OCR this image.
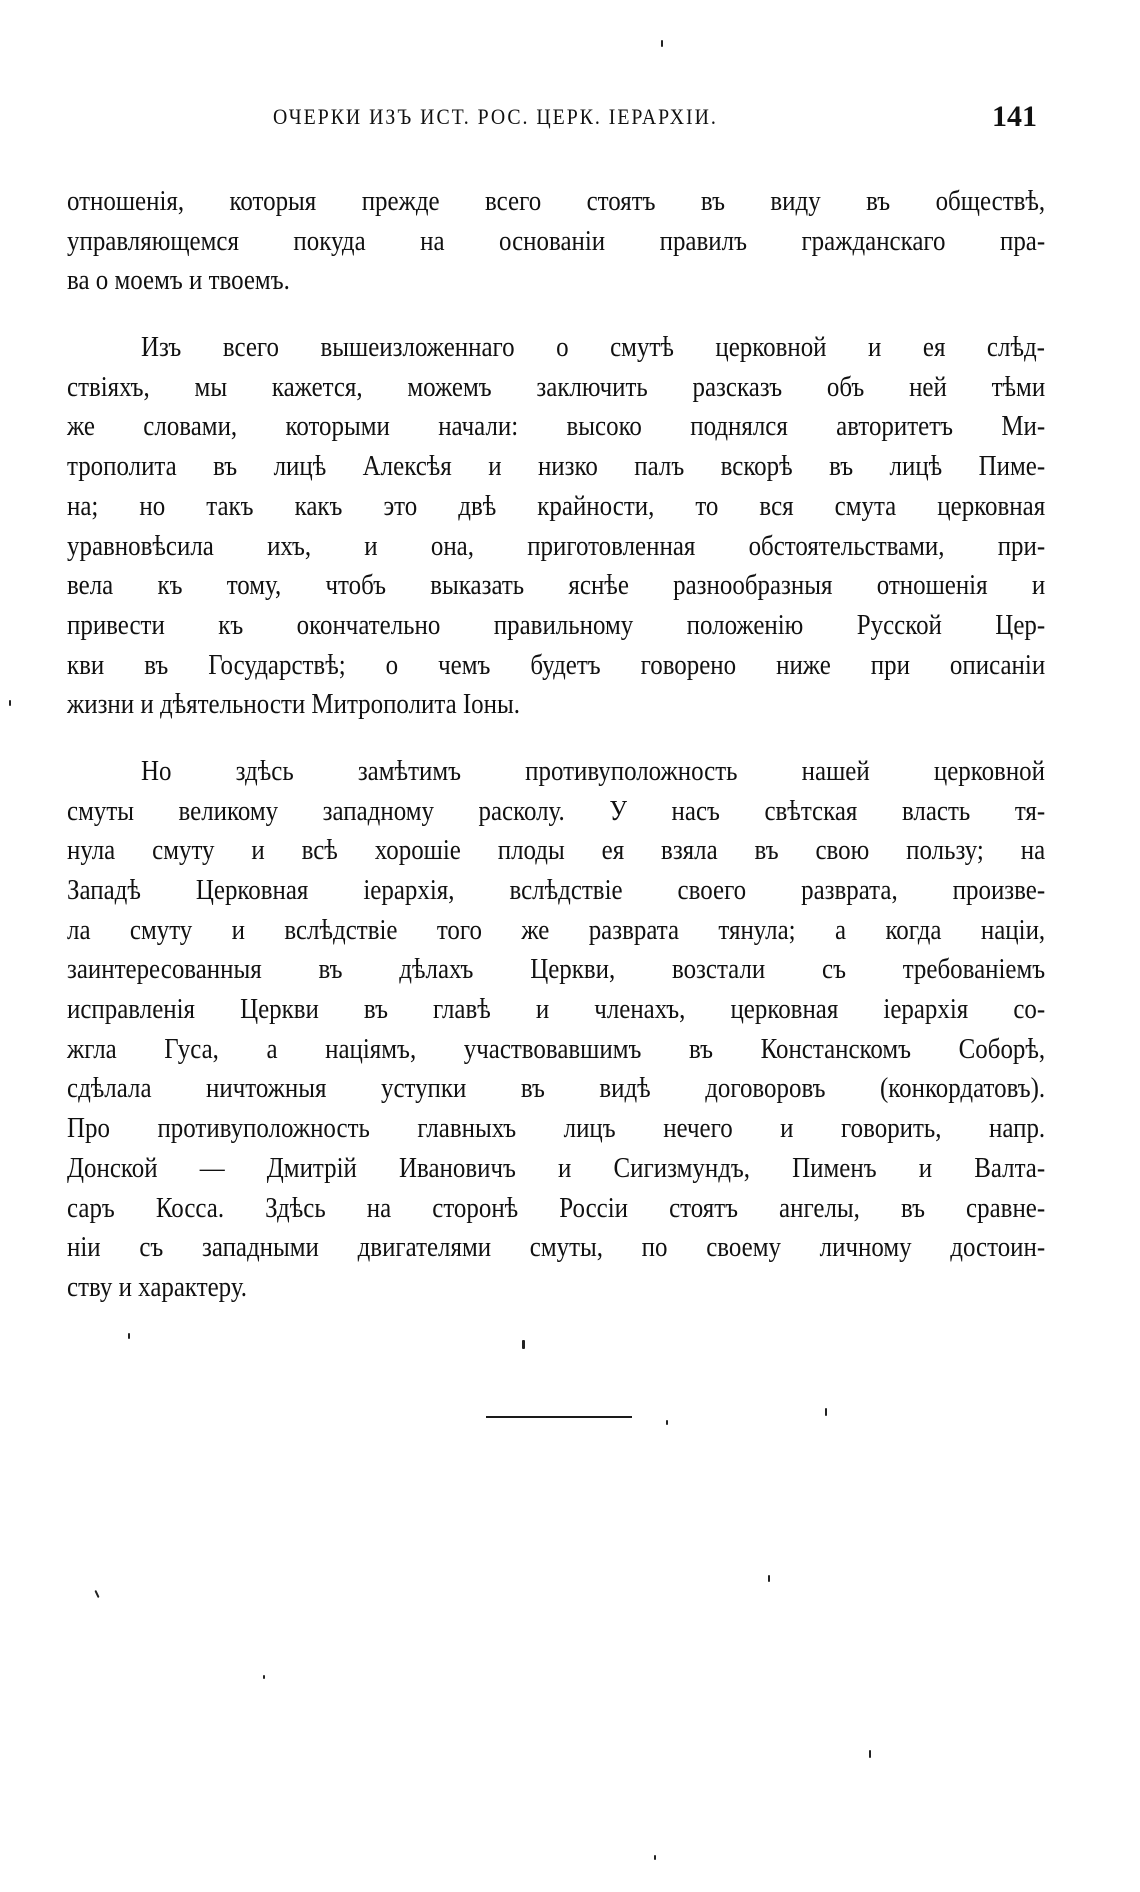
ОЧЕРКИ ИЗЪ ИСТ. РОС. ЦЕРК. ІЕРАРХІИ.	141
отношенія, которыя прежде всего стоятъ въ виду въ обществѣ,
управляющемся покуда на основаніи правилъ гражданскаго пра-
ва о моемъ и твоемъ.
Изъ всего вышеизложеннаго о смутѣ церковной и ея слѣд-
ствіяхъ, мы кажется, можемъ заключить разсказъ объ ней тѣми
же словами, которыми начали: высоко поднялся авторитетъ Ми-
трополита въ лицѣ Алексѣя и низко палъ вскорѣ въ лицѣ Пиме-
на; но такъ какъ это двѣ крайности, то вся смута церковная
уравновѣсила ихъ, и она, приготовленная обстоятельствами, при-
вела къ тому, чтобъ выказать яснѣе разнообразныя отношенія и
привести къ окончательно правильному положенію Русской Цер-
кви въ Государствѣ; о чемъ будетъ говорено ниже при описаніи
жизни и дѣятельности Митрополита Іоны.
Но здѣсь замѣтимъ противуположность нашей церковной
смуты великому западному расколу. У насъ свѣтская власть тя-
нула смуту и всѣ хорошіе плоды ея взяла въ свою пользу; на
Западѣ Церковная іерархія, вслѣдствіе своего разврата, произве-
ла смуту и вслѣдствіе того же разврата тянула; а когда націи,
заинтересованныя въ дѣлахъ Церкви, возстали съ требованіемъ
исправленія Церкви въ главѣ и членахъ, церковная іерархія со-
жгла Гуса, а націямъ, участвовавшимъ въ Констанскомъ Соборѣ,
сдѣлала ничтожныя уступки въ видѣ договоровъ (конкордатовъ).
Про противуположность главныхъ лицъ нечего и говорить, напр.
Донской — Дмитрій Ивановичъ и Сигизмундъ, Пименъ и Валта-
саръ Косса. Здѣсь на сторонѣ Россіи стоятъ ангелы, въ сравне-
ніи съ западными двигателями смуты, по своему личному достоин-
ству и характеру.
